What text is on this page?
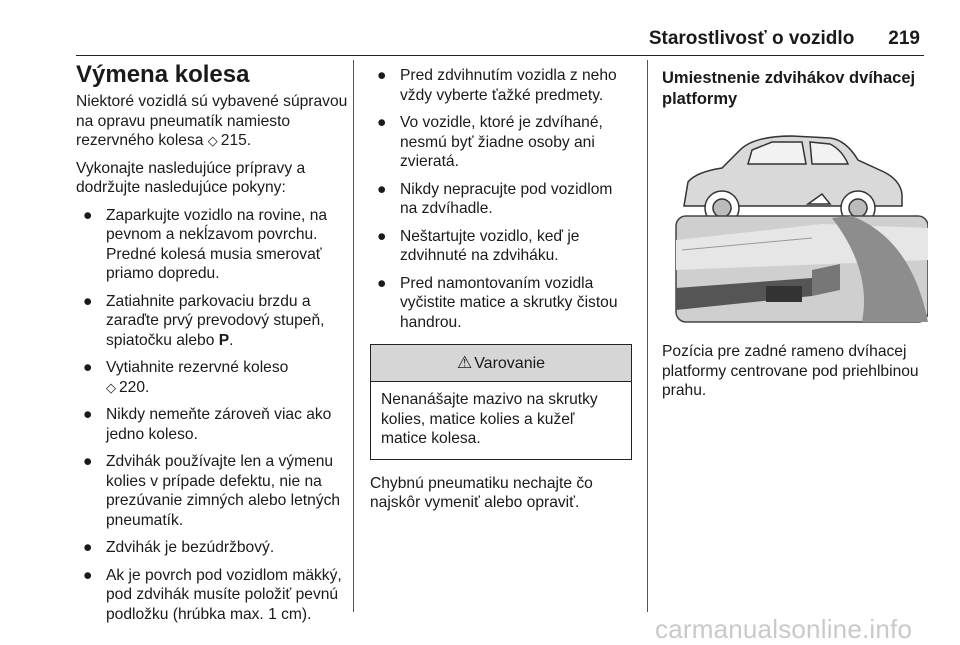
Starostlivosť o vozidlo 219
Výmena kolesa

Niektoré vozidlá sú vybavené súpravou na opravu pneumatík namiesto rezervného kolesa ◇ 215.

Vykonajte nasledujúce prípravy a dodržujte nasledujúce pokyny:

● Zaparkujte vozidlo na rovine, na pevnom a nekĺzavom povrchu. Predné kolesá musia smerovať priamo dopredu.
● Zatiahnite parkovaciu brzdu a zaraďte prvý prevodový stupeň, spiatočku alebo P.
● Vytiahnite rezervné koleso
◇ 220.
● Nikdy nemeňte zároveň viac ako jedno koleso.
● Zdvihák používajte len a výmenu kolies v prípade defektu, nie na prezúvanie zimných alebo letných pneumatík.
● Zdvihák je bezúdržbový.
● Ak je povrch pod vozidlom mäkký, pod zdvihák musíte položiť pevnú podložku (hrúbka max. 1 cm).
● Pred zdvihnutím vozidla z neho vždy vyberte ťažké predmety.
● Vo vozidle, ktoré je zdvíhané, nesmú byť žiadne osoby ani zvieratá.
● Nikdy nepracujte pod vozidlom na zdvíhadle.
● Neštartujte vozidlo, keď je zdvihnuté na zdviháku.
● Pred namontovaním vozidla vyčistite matice a skrutky čistou handrou.
⚠ Varovanie
Nenanášajte mazivo na skrutky kolies, matice kolies a kužeľ matice kolesa.

Chybnú pneumatiku nechajte čo najskôr vymeniť alebo opraviť.

Umiestnenie zdvihákov dvíhacej platformy

Pozícia pre zadné rameno dvíhacej platformy centrovane pod priehlbinou prahu.

carmanualsonline.info
